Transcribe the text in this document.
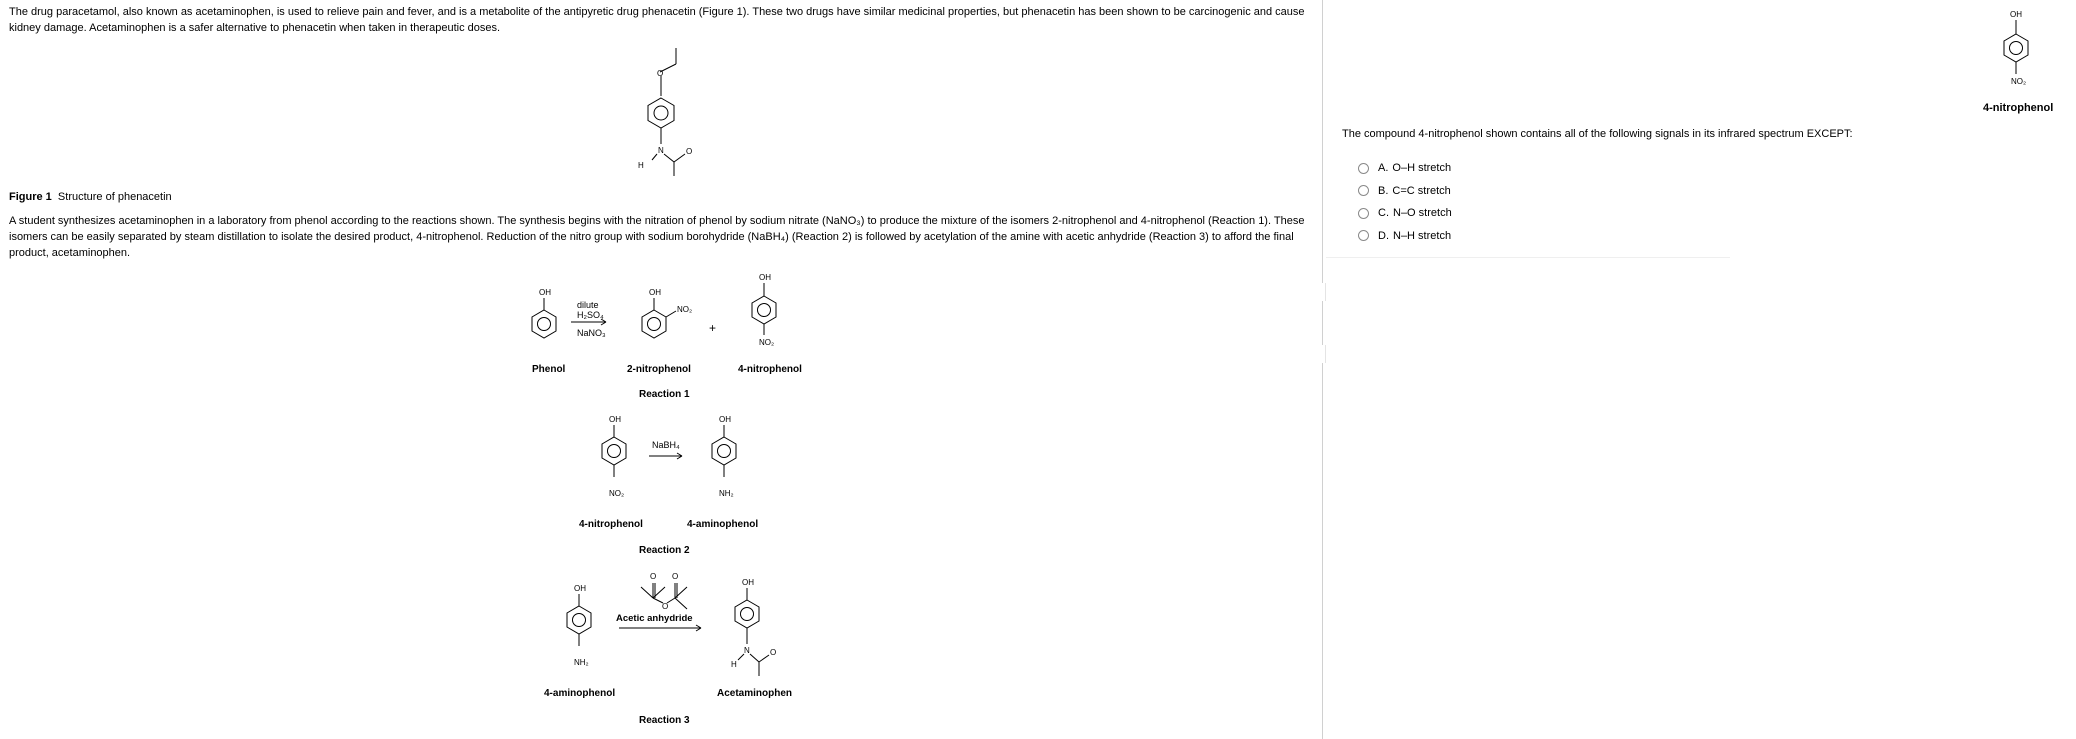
The drug paracetamol, also known as acetaminophen, is used to relieve pain and fever, and is a metabolite of the antipyretic drug phenacetin (Figure 1). These two drugs have similar medicinal properties, but phenacetin has been shown to be carcinogenic and cause kidney damage. Acetaminophen is a safer alternative to phenacetin when taken in therapeutic doses.
O
N	O
H
Figure 1 Structure of phenacetin
A student synthesizes acetaminophen in a laboratory from phenol according to the reactions shown. The synthesis begins with the nitration of phenol by sodium nitrate (NaNO₃) to produce the mixture of the isomers 2-nitrophenol and 4-nitrophenol (Reaction 1). These isomers can be easily separated by steam distillation to isolate the desired product, 4-nitrophenol. Reduction of the nitro group with sodium borohydride (NaBH₄) (Reaction 2) is followed by acetylation of the amine with acetic anhydride (Reaction 3) to afford the final product, acetaminophen.
OH
dilute
H₂SO₄
NaNO₃
OH
NO₂
+
OH
NO₂
Phenol	2-nitrophenol	4-nitrophenol
Reaction 1
OH
NaBH₄
OH
NO₂	NH₂
4-nitrophenol	4-aminophenol
Reaction 2
OH
NH₂
O O
O
Acetic anhydride
OH
N	O
H
4-aminophenol	Acetaminophen
Reaction 3
OH
NO₂
4-nitrophenol
The compound 4-nitrophenol shown contains all of the following signals in its infrared spectrum EXCEPT:
A. O–H stretch
B. C=C stretch
C. N–O stretch
D. N–H stretch
